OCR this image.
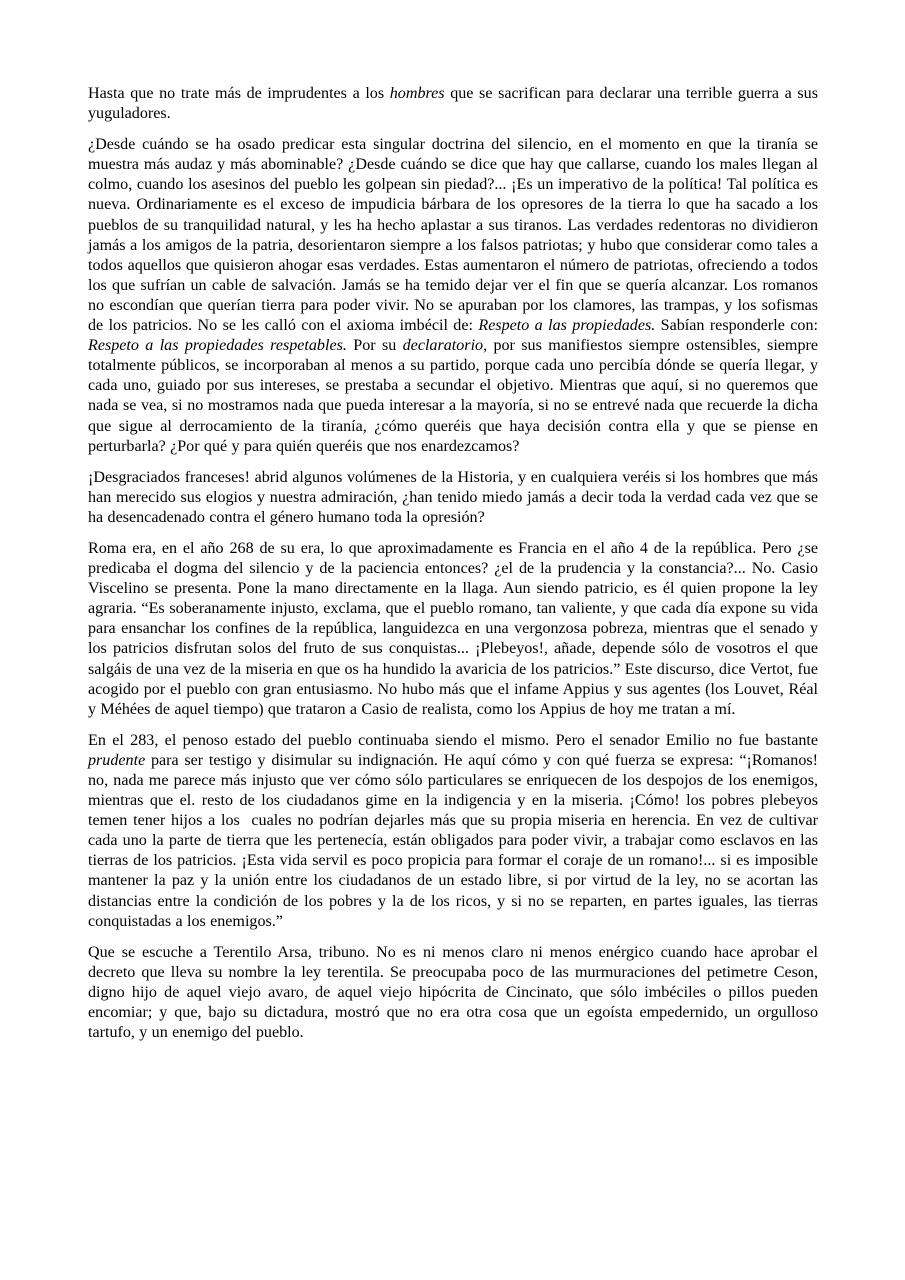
Hasta que no trate más de imprudentes a los hombres que se sacrifican para declarar una terrible guerra a sus yuguladores.

¿Desde cuándo se ha osado predicar esta singular doctrina del silencio, en el momento en que la tiranía se muestra más audaz y más abominable? ¿Desde cuándo se dice que hay que callarse, cuando los males llegan al colmo, cuando los asesinos del pueblo les golpean sin piedad?... ¡Es un imperativo de la política! Tal política es nueva. Ordinariamente es el exceso de impudicia bárbara de los opresores de la tierra lo que ha sacado a los pueblos de su tranquilidad natural, y les ha hecho aplastar a sus tiranos. Las verdades redentoras no dividieron jamás a los amigos de la patria, desorientaron siempre a los falsos patriotas; y hubo que considerar como tales a todos aquellos que quisieron ahogar esas verdades. Estas aumentaron el número de patriotas, ofreciendo a todos los que sufrían un cable de salvación. Jamás se ha temido dejar ver el fin que se quería alcanzar. Los romanos no escondían que querían tierra para poder vivir. No se apuraban por los clamores, las trampas, y los sofismas de los patricios. No se les calló con el axioma imbécil de: Respeto a las propiedades. Sabían responderle con: Respeto a las propiedades respetables. Por su declaratorio, por sus manifiestos siempre ostensibles, siempre totalmente públicos, se incorporaban al menos a su partido, porque cada uno percibía dónde se quería llegar, y cada uno, guiado por sus intereses, se prestaba a secundar el objetivo. Mientras que aquí, si no queremos que nada se vea, si no mostramos nada que pueda interesar a la mayoría, si no se entrevé nada que recuerde la dicha que sigue al derrocamiento de la tiranía, ¿cómo queréis que haya decisión contra ella y que se piense en perturbarla? ¿Por qué y para quién queréis que nos enardezcamos?

¡Desgraciados franceses! abrid algunos volúmenes de la Historia, y en cualquiera veréis si los hombres que más han merecido sus elogios y nuestra admiración, ¿han tenido miedo jamás a decir toda la verdad cada vez que se ha desencadenado contra el género humano toda la opresión?

Roma era, en el año 268 de su era, lo que aproximadamente es Francia en el año 4 de la república. Pero ¿se predicaba el dogma del silencio y de la paciencia entonces? ¿el de la prudencia y la constancia?... No. Casio Viscelino se presenta. Pone la mano directamente en la llaga. Aun siendo patricio, es él quien propone la ley agraria. “Es soberanamente injusto, exclama, que el pueblo romano, tan valiente, y que cada día expone su vida para ensanchar los confines de la república, languidezca en una vergonzosa pobreza, mientras que el senado y los patricios disfrutan solos del fruto de sus conquistas... ¡Plebeyos!, añade, depende sólo de vosotros el que salgáis de una vez de la miseria en que os ha hundido la avaricia de los patricios.” Este discurso, dice Vertot, fue acogido por el pueblo con gran entusiasmo. No hubo más que el infame Appius y sus agentes (los Louvet, Réal y Méhées de aquel tiempo) que trataron a Casio de realista, como los Appius de hoy me tratan a mí.

En el 283, el penoso estado del pueblo continuaba siendo el mismo. Pero el senador Emilio no fue bastante prudente para ser testigo y disimular su indignación. He aquí cómo y con qué fuerza se expresa: “¡Romanos! no, nada me parece más injusto que ver cómo sólo particulares se enriquecen de los despojos de los enemigos, mientras que el. resto de los ciudadanos gime en la indigencia y en la miseria. ¡Cómo! los pobres plebeyos temen tener hijos a los  cuales no podrían dejarles más que su propia miseria en herencia. En vez de cultivar cada uno la parte de tierra que les pertenecía, están obligados para poder vivir, a trabajar como esclavos en las tierras de los patricios. ¡Esta vida servil es poco propicia para formar el coraje de un romano!... si es imposible mantener la paz y la unión entre los ciudadanos de un estado libre, si por virtud de la ley, no se acortan las distancias entre la condición de los pobres y la de los ricos, y si no se reparten, en partes iguales, las tierras conquistadas a los enemigos.”

Que se escuche a Terentilo Arsa, tribuno. No es ni menos claro ni menos enérgico cuando hace aprobar el decreto que lleva su nombre la ley terentila. Se preocupaba poco de las murmuraciones del petimetre Ceson, digno hijo de aquel viejo avaro, de aquel viejo hipócrita de Cincinato, que sólo imbéciles o pillos pueden encomiar; y que, bajo su dictadura, mostró que no era otra cosa que un egoísta empedernido, un orgulloso tartufo, y un enemigo del pueblo.
